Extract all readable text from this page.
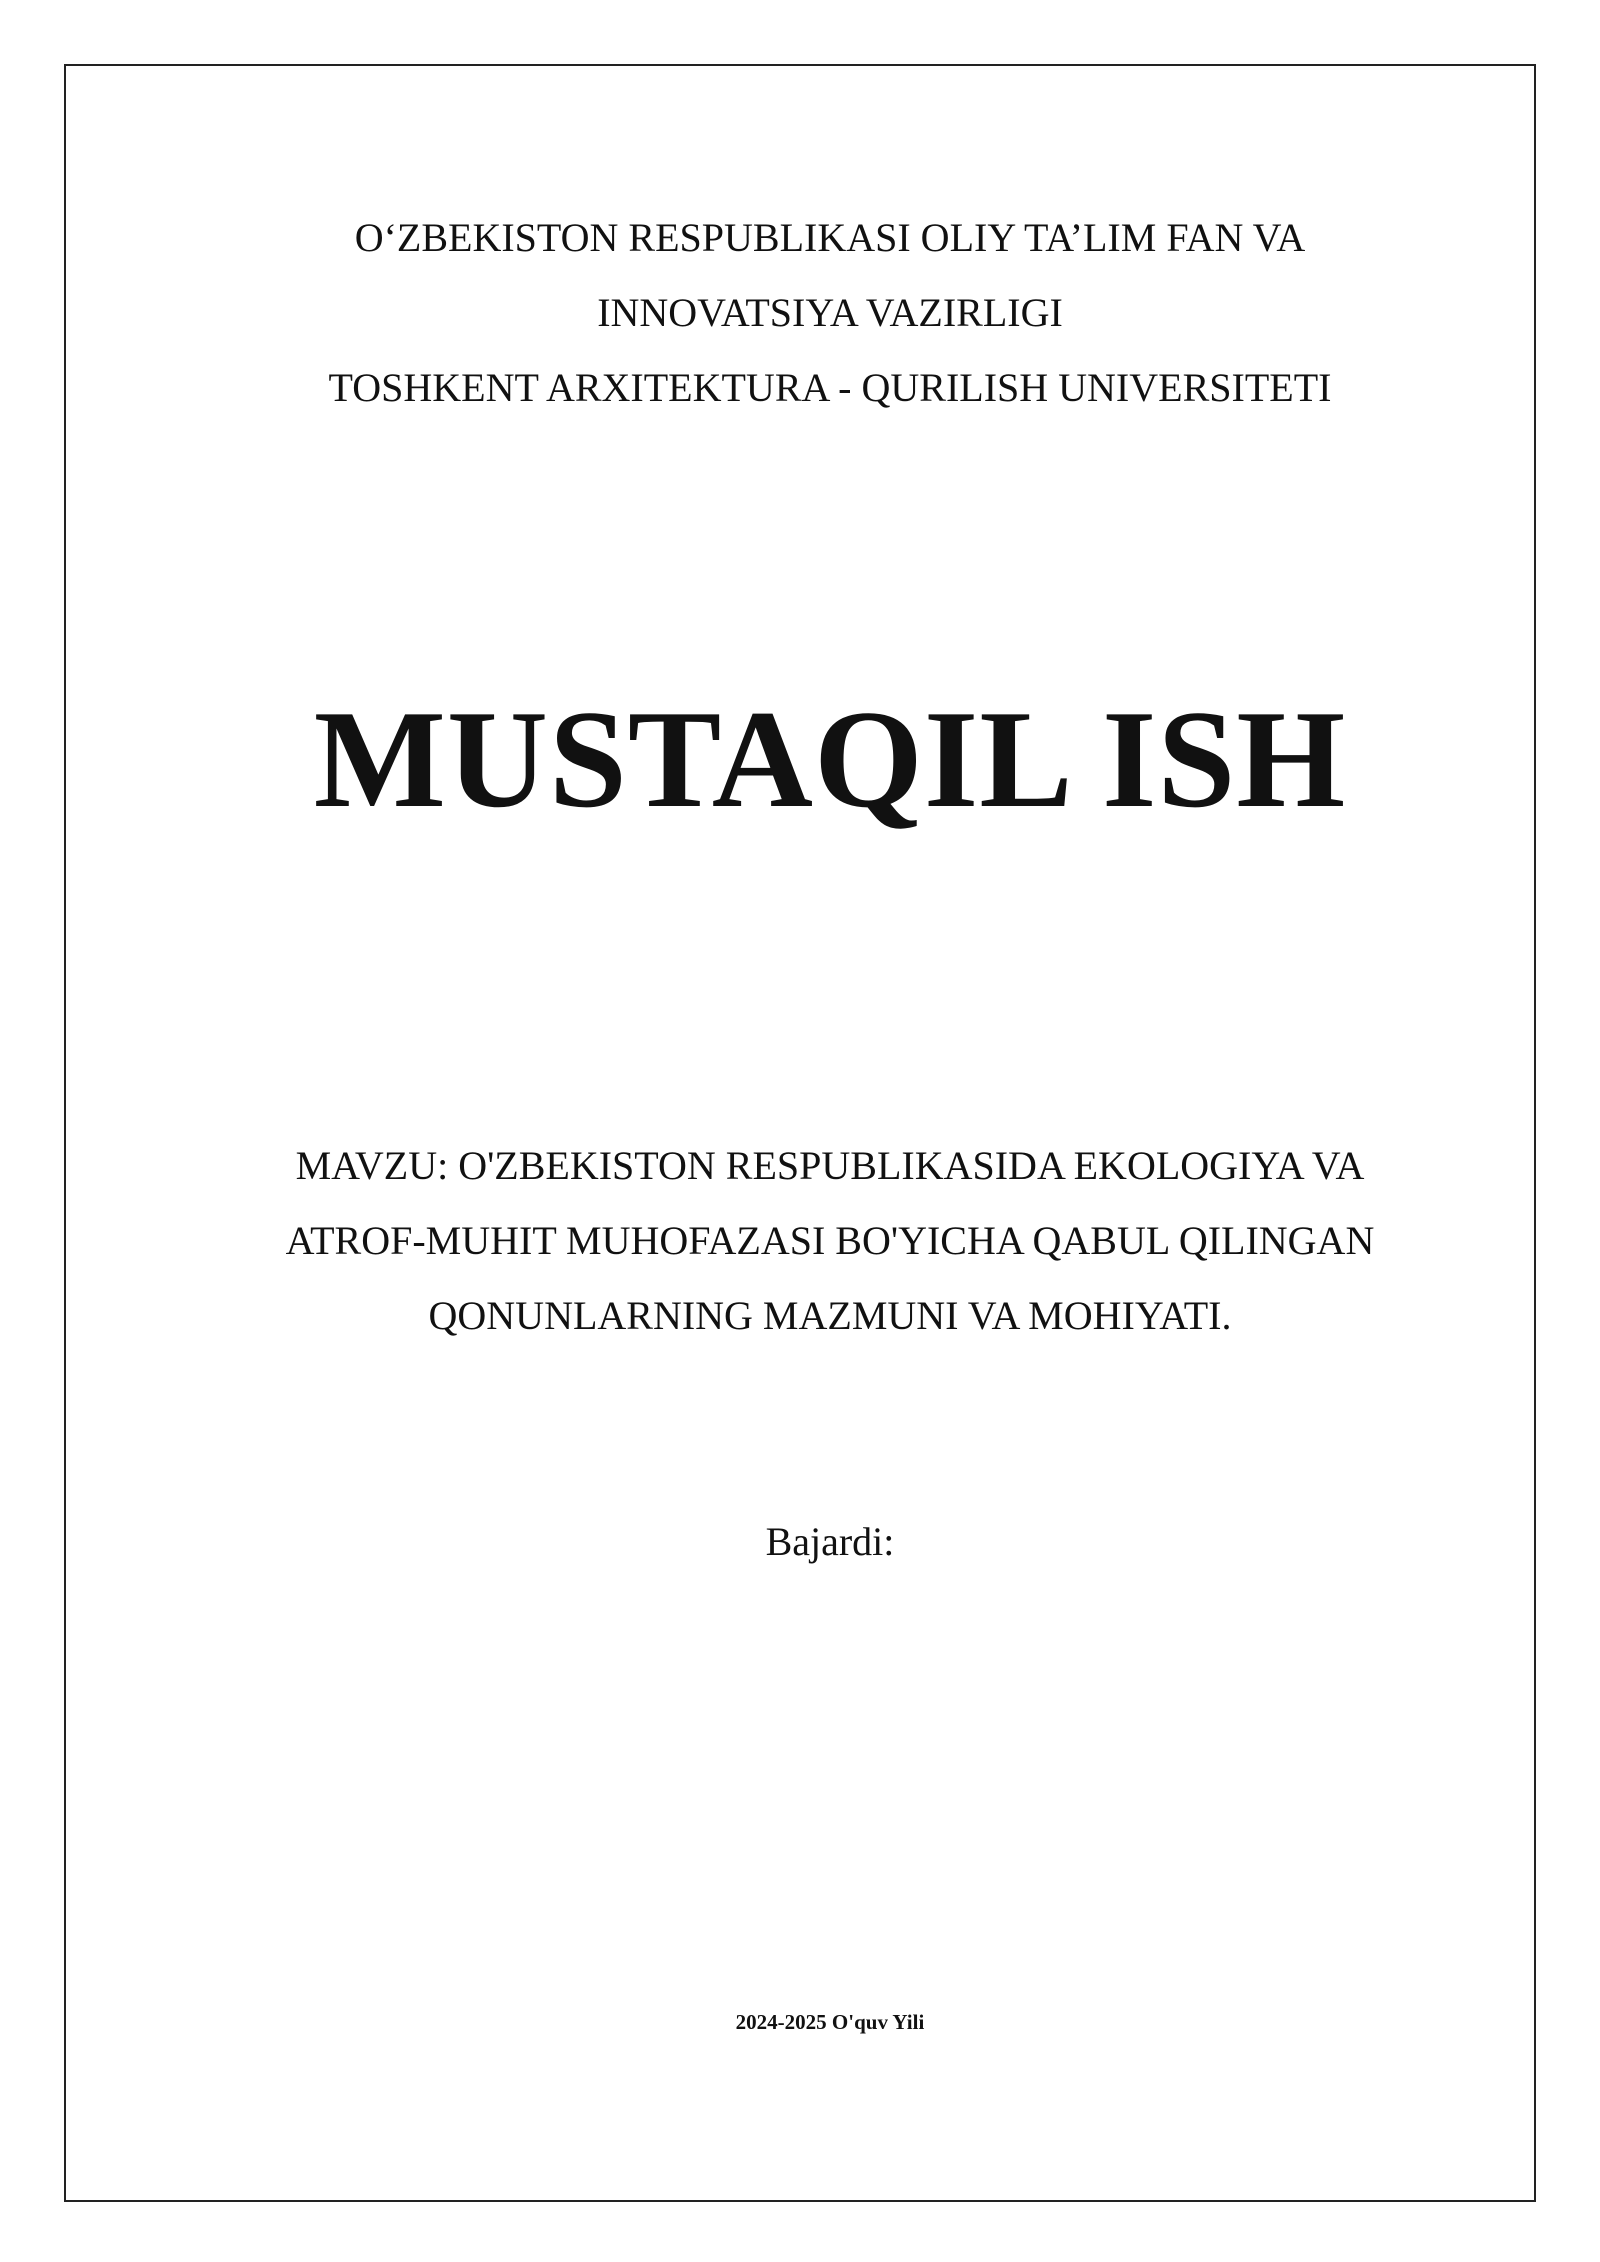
O‘ZBEKISTON RESPUBLIKASI OLIY TA’LIM FAN VA
INNOVATSIYA VAZIRLIGI
TOSHKENT ARXITEKTURA - QURILISH UNIVERSITETI
MUSTAQIL ISH
MAVZU: O'ZBEKISTON RESPUBLIKASIDA EKOLOGIYA VA
ATROF-MUHIT MUHOFAZASI BO'YICHA QABUL QILINGAN
QONUNLARNING MAZMUNI VA MOHIYATI.
Bajardi:
2024-2025 O'quv Yili
